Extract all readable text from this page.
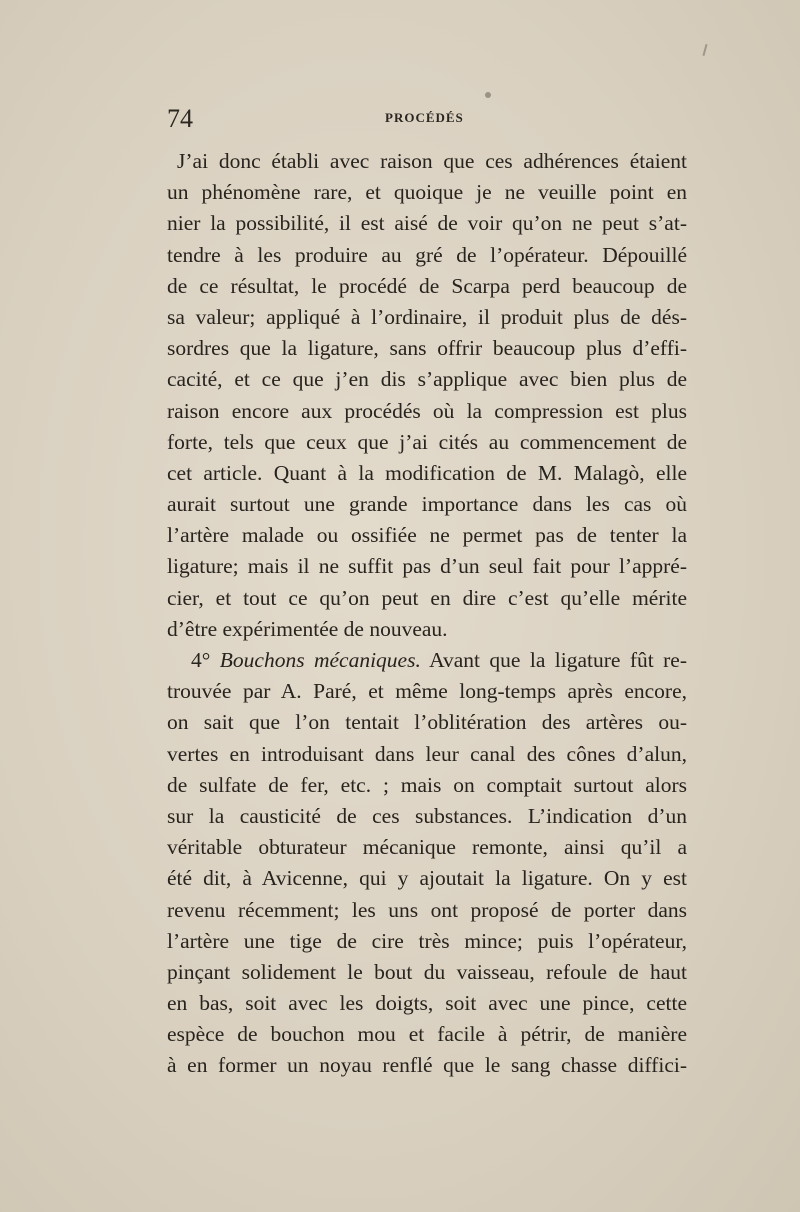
74	PROCÉDÉS
J’ai donc établi avec raison que ces adhérences étaient
un phénomène rare, et quoique je ne veuille point en
nier la possibilité, il est aisé de voir qu’on ne peut s’at-
tendre à les produire au gré de l’opérateur. Dépouillé
de ce résultat, le procédé de Scarpa perd beaucoup de
sa valeur; appliqué à l’ordinaire, il produit plus de dés-
sordres que la ligature, sans offrir beaucoup plus d’effi-
cacité, et ce que j’en dis s’applique avec bien plus de
raison encore aux procédés où la compression est plus
forte, tels que ceux que j’ai cités au commencement de
cet article. Quant à la modification de M. Malagò, elle
aurait surtout une grande importance dans les cas où
l’artère malade ou ossifiée ne permet pas de tenter la
ligature; mais il ne suffit pas d’un seul fait pour l’appré-
cier, et tout ce qu’on peut en dire c’est qu’elle mérite
d’être expérimentée de nouveau.
4° Bouchons mécaniques. Avant que la ligature fût re-
trouvée par A. Paré, et même long-temps après encore,
on sait que l’on tentait l’oblitération des artères ou-
vertes en introduisant dans leur canal des cônes d’alun,
de sulfate de fer, etc. ; mais on comptait surtout alors
sur la causticité de ces substances. L’indication d’un
véritable obturateur mécanique remonte, ainsi qu’il a
été dit, à Avicenne, qui y ajoutait la ligature. On y est
revenu récemment; les uns ont proposé de porter dans
l’artère une tige de cire très mince; puis l’opérateur,
pinçant solidement le bout du vaisseau, refoule de haut
en bas, soit avec les doigts, soit avec une pince, cette
espèce de bouchon mou et facile à pétrir, de manière
à en former un noyau renflé que le sang chasse diffici-
